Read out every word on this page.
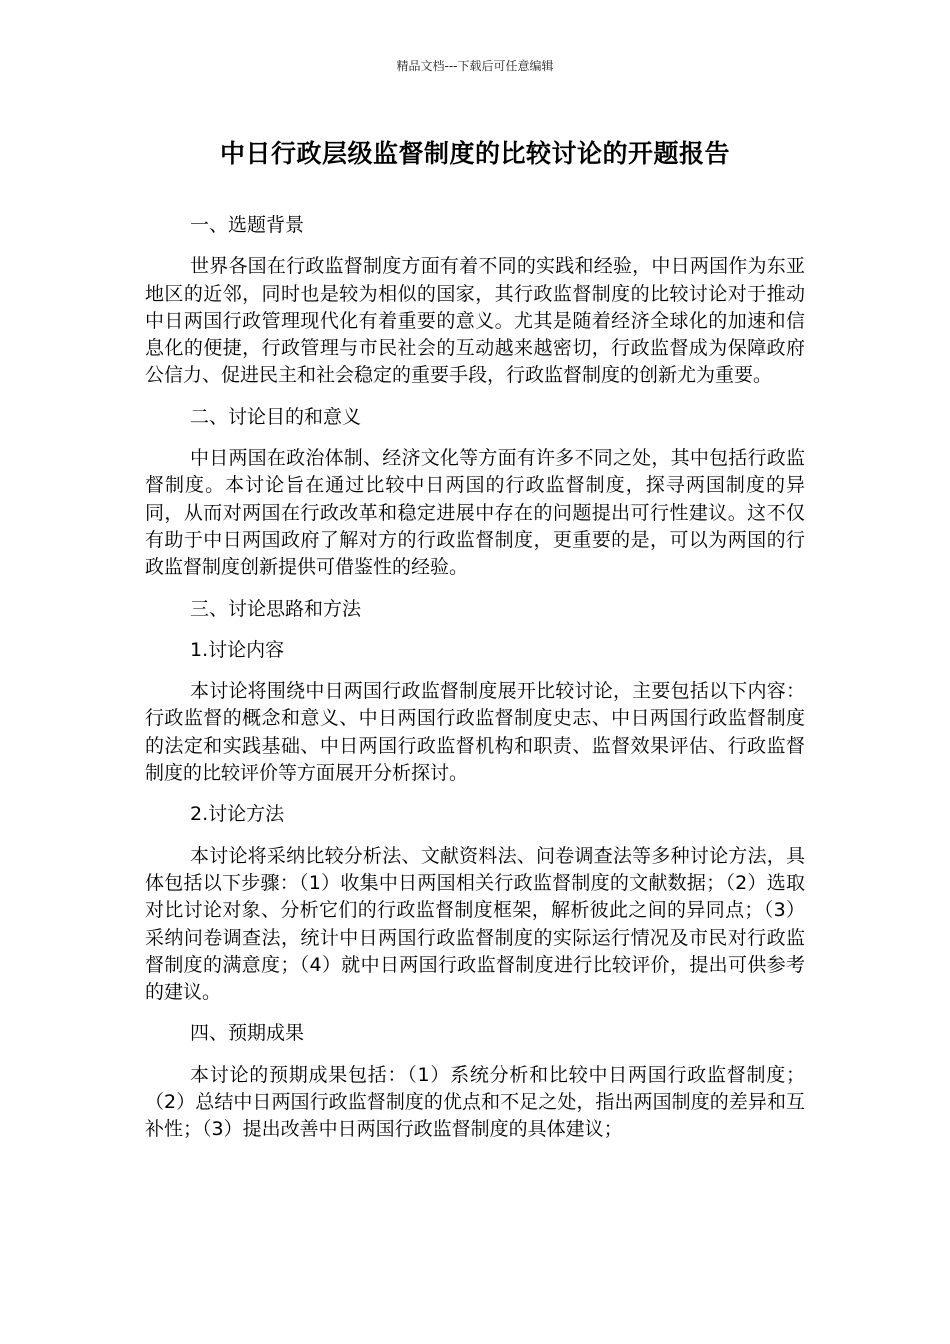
精品文档---下载后可任意编辑
中日行政层级监督制度的比较讨论的开题报告

一、选题背景

世界各国在行政监督制度方面有着不同的实践和经验，中日两国作为东亚地区的近邻，同时也是较为相似的国家，其行政监督制度的比较讨论对于推动中日两国行政管理现代化有着重要的意义。尤其是随着经济全球化的加速和信息化的便捷，行政管理与市民社会的互动越来越密切，行政监督成为保障政府公信力、促进民主和社会稳定的重要手段，行政监督制度的创新尤为重要。

二、讨论目的和意义

中日两国在政治体制、经济文化等方面有许多不同之处，其中包括行政监督制度。本讨论旨在通过比较中日两国的行政监督制度，探寻两国制度的异同，从而对两国在行政改革和稳定进展中存在的问题提出可行性建议。这不仅有助于中日两国政府了解对方的行政监督制度，更重要的是，可以为两国的行政监督制度创新提供可借鉴性的经验。

三、讨论思路和方法

1.讨论内容

本讨论将围绕中日两国行政监督制度展开比较讨论，主要包括以下内容：行政监督的概念和意义、中日两国行政监督制度史志、中日两国行政监督制度的法定和实践基础、中日两国行政监督机构和职责、监督效果评估、行政监督制度的比较评价等方面展开分析探讨。

2.讨论方法

本讨论将采纳比较分析法、文献资料法、问卷调查法等多种讨论方法，具体包括以下步骤：（1）收集中日两国相关行政监督制度的文献数据；（2）选取对比讨论对象、分析它们的行政监督制度框架，解析彼此之间的异同点；（3）采纳问卷调查法，统计中日两国行政监督制度的实际运行情况及市民对行政监督制度的满意度；（4）就中日两国行政监督制度进行比较评价，提出可供参考的建议。

四、预期成果

本讨论的预期成果包括：（1）系统分析和比较中日两国行政监督制度；（2）总结中日两国行政监督制度的优点和不足之处，指出两国制度的差异和互补性；（3）提出改善中日两国行政监督制度的具体建议；
